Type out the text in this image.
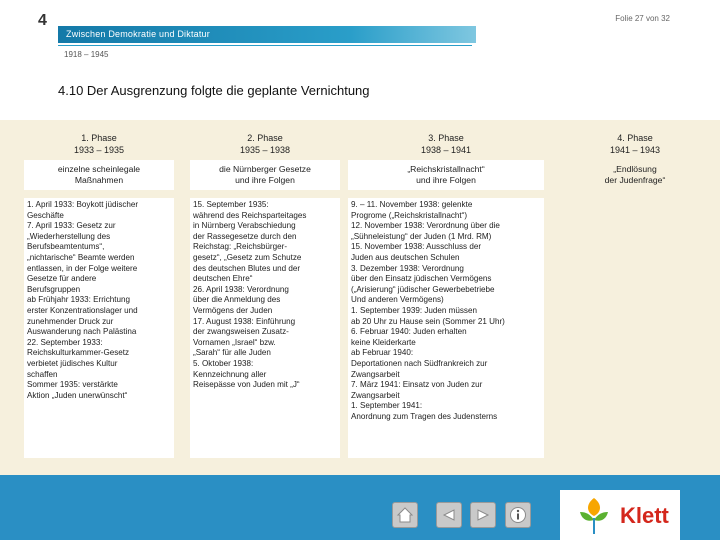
4	Folie 27 von 32
Zwischen Demokratie und Diktatur
1918 – 1945
4.10 Der Ausgrenzung folgte die geplante Vernichtung
1. Phase
1933 – 1935
einzelne scheinlegale
Maßnahmen
1. April 1933: Boykott jüdischer
Geschäfte
7. April 1933: Gesetz zur
„Wiederherstellung des
Berufsbeamtentums“,
„nichtarische“ Beamte werden
entlassen, in der Folge weitere
Gesetze für andere
Berufsgruppen
ab Frühjahr 1933: Errichtung
erster Konzentrationslager und
zunehmender Druck zur
Auswanderung nach Palästina
22. September 1933:
Reichskulturkammer-Gesetz
verbietet jüdisches Kultur
schaffen
Sommer 1935: verstärkte
Aktion „Juden unerwünscht“
2. Phase
1935 – 1938
die Nürnberger Gesetze
und ihre Folgen
15. September 1935:
während des Reichsparteitages
in Nürnberg Verabschiedung
der Rassegesetze durch den
Reichstag: „Reichsbürger-
gesetz“, „Gesetz zum Schutze
des deutschen Blutes und der
deutschen Ehre“
26. April 1938: Verordnung
über die Anmeldung des
Vermögens der Juden
17. August 1938: Einführung
der zwangsweisen Zusatz-
Vornamen „Israel“ bzw.
„Sarah“ für alle Juden
5. Oktober 1938:
Kennzeichnung aller
Reisepässe von Juden mit „J“
3. Phase
1938 – 1941
„Reichskristallnacht“
und ihre Folgen
9. – 11. November 1938: gelenkte
Progrome („Reichskristallnacht“)
12. November 1938: Verordnung über die
„Sühneleistung“ der Juden (1 Mrd. RM)
15. November 1938: Ausschluss der
Juden aus deutschen Schulen
3. Dezember 1938: Verordnung
über den Einsatz jüdischen Vermögens
(„Arisierung“ jüdischer Gewerbebetriebe
Und anderen Vermögens)
1. September 1939: Juden müssen
ab 20 Uhr zu Hause sein (Sommer 21 Uhr)
6. Februar 1940: Juden erhalten
keine Kleiderkarte
ab Februar 1940:
Deportationen nach Südfrankreich zur
Zwangsarbeit
7. März 1941: Einsatz von Juden zur
Zwangsarbeit
1. September 1941:
Anordnung zum Tragen des Judensterns
4. Phase
1941 – 1943
„Endlösung
der Judenfrage“
Klett
